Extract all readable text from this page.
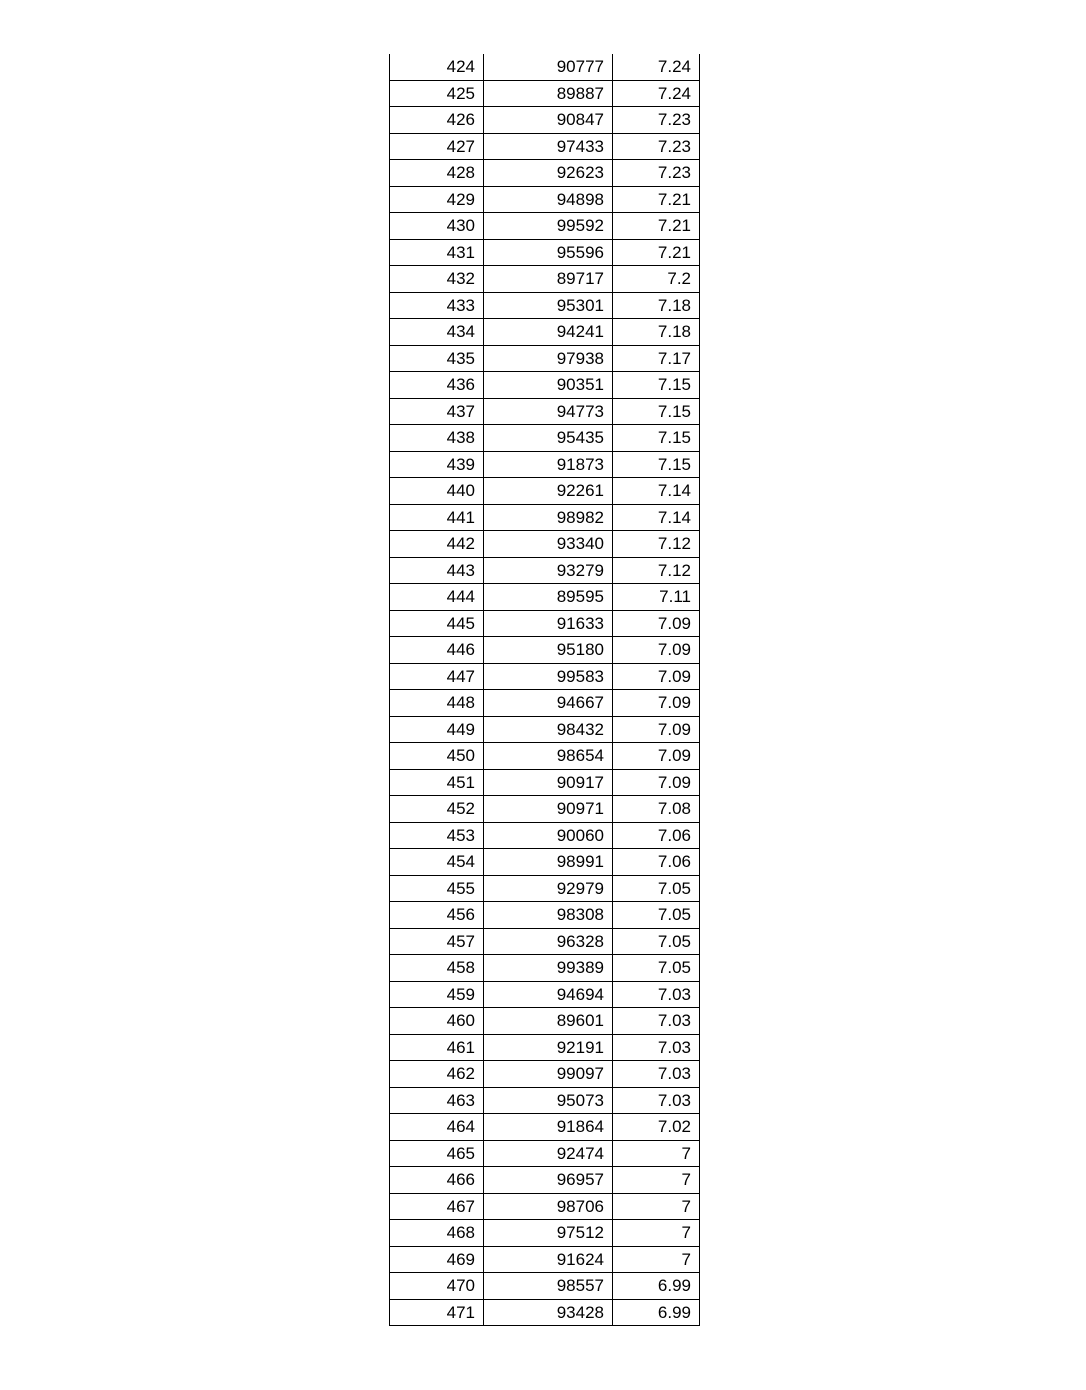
424	90777	7.24
425	89887	7.24
426	90847	7.23
427	97433	7.23
428	92623	7.23
429	94898	7.21
430	99592	7.21
431	95596	7.21
432	89717	7.2
433	95301	7.18
434	94241	7.18
435	97938	7.17
436	90351	7.15
437	94773	7.15
438	95435	7.15
439	91873	7.15
440	92261	7.14
441	98982	7.14
442	93340	7.12
443	93279	7.12
444	89595	7.11
445	91633	7.09
446	95180	7.09
447	99583	7.09
448	94667	7.09
449	98432	7.09
450	98654	7.09
451	90917	7.09
452	90971	7.08
453	90060	7.06
454	98991	7.06
455	92979	7.05
456	98308	7.05
457	96328	7.05
458	99389	7.05
459	94694	7.03
460	89601	7.03
461	92191	7.03
462	99097	7.03
463	95073	7.03
464	91864	7.02
465	92474	7
466	96957	7
467	98706	7
468	97512	7
469	91624	7
470	98557	6.99
471	93428	6.99
